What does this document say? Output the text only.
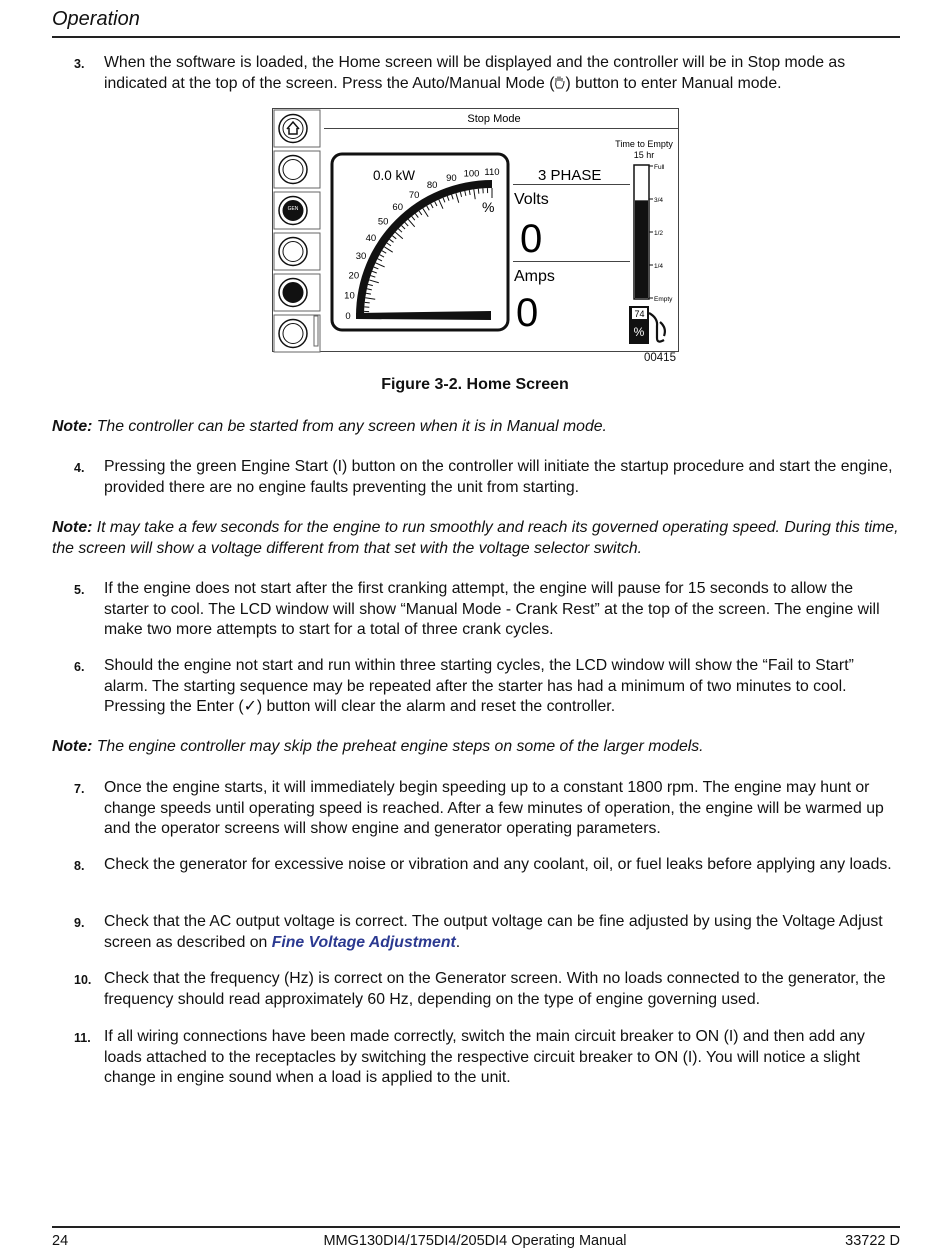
Operation
3. When the software is loaded, the Home screen will be displayed and the controller will be in Stop mode as indicated at the top of the screen. Press the Auto/Manual Mode ( ) button to enter Manual mode.
GEN
Stop Mode
0
10
20
30
40
50
60
70
80
90 100 110
0.0 kW
%
3 PHASE
Volts
0
Amps
0
Time to Empty
15 hr
Full
3/4
1/2
1/4
Empty
74
%
00415
Figure 3-2. Home Screen
Note: The controller can be started from any screen when it is in Manual mode.
4. Pressing the green Engine Start (I) button on the controller will initiate the startup procedure and start the engine, provided there are no engine faults preventing the unit from starting.
Note: It may take a few seconds for the engine to run smoothly and reach its governed operating speed. During this time, the screen will show a voltage different from that set with the voltage selector switch.
5. If the engine does not start after the first cranking attempt, the engine will pause for 15 seconds to allow the starter to cool. The LCD window will show “Manual Mode - Crank Rest” at the top of the screen. The engine will make two more attempts to start for a total of three crank cycles.
6. Should the engine not start and run within three starting cycles, the LCD window will show the “Fail to Start” alarm. The starting sequence may be repeated after the starter has had a minimum of two minutes to cool. Pressing the Enter (✓) button will clear the alarm and reset the controller.
Note: The engine controller may skip the preheat engine steps on some of the larger models.
7. Once the engine starts, it will immediately begin speeding up to a constant 1800 rpm. The engine may hunt or change speeds until operating speed is reached. After a few minutes of operation, the engine will be warmed up and the operator screens will show engine and generator operating parameters.
8. Check the generator for excessive noise or vibration and any coolant, oil, or fuel leaks before applying any loads.
9. Check that the AC output voltage is correct. The output voltage can be fine adjusted by using the Voltage Adjust screen as described on Fine Voltage Adjustment.
10. Check that the frequency (Hz) is correct on the Generator screen. With no loads connected to the generator, the frequency should read approximately 60 Hz, depending on the type of engine governing used.
11. If all wiring connections have been made correctly, switch the main circuit breaker to ON (I) and then add any loads attached to the receptacles by switching the respective circuit breaker to ON (I). You will notice a slight change in engine sound when a load is applied to the unit.
24	MMG130DI4/175DI4/205DI4 Operating Manual	33722 D
